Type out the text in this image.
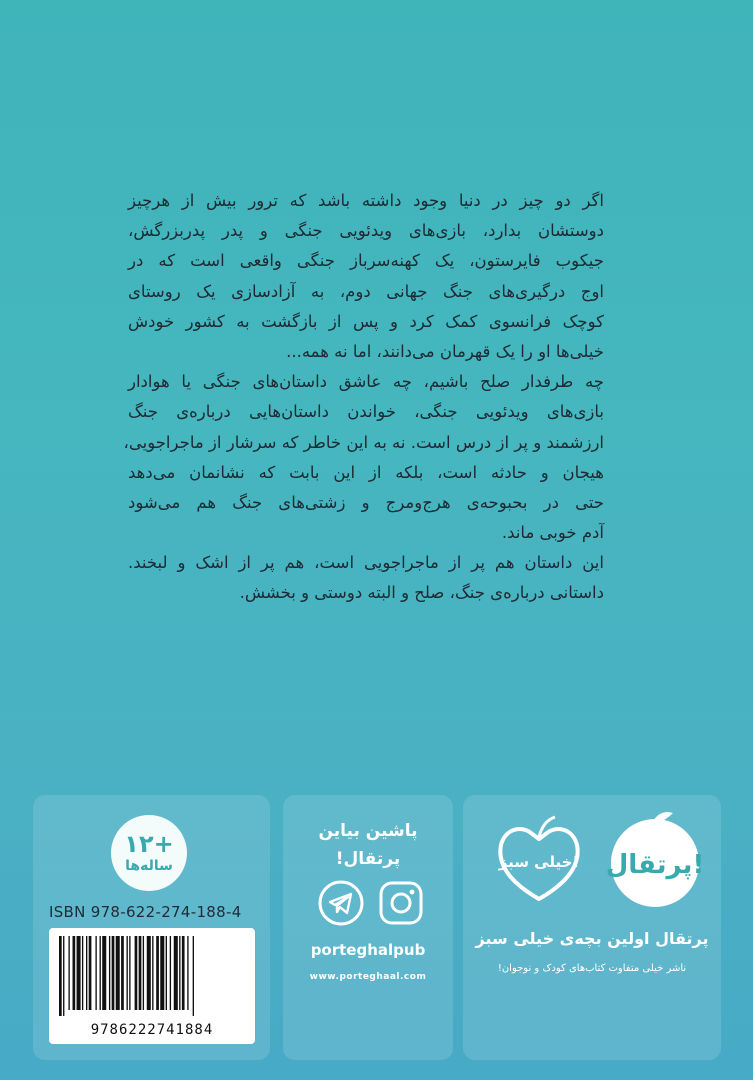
اگر دو چیز در دنیا وجود داشته باشد که ترور بیش از هرچیز
دوستشان بدارد، بازی‌های ویدئویی جنگی و پدر پدربزرگش،
جیکوب فایرستون، یک کهنه‌سرباز جنگی واقعی است که در
اوج درگیری‌های جنگ جهانی دوم، به آزادسازی یک روستای
کوچک فرانسوی کمک کرد و پس از بازگشت به کشور خودش
خیلی‌ها او را یک قهرمان می‌دانند، اما نه همه...
چه طرفدار صلح باشیم، چه عاشق داستان‌های جنگی یا هوادار
بازی‌های ویدئویی جنگی، خواندن داستان‌هایی درباره‌ی جنگ
ارزشمند و پر از درس است. نه به این خاطر که سرشار از ماجراجویی،
هیجان و حادثه است، بلکه از این بابت که نشانمان می‌دهد
حتی در بحبوحه‌ی هرج‌ومرج و زشتی‌های جنگ هم می‌شود
آدم خوبی ماند.
این داستان هم پر از ماجراجویی است، هم پر از اشک و لبخند.
داستانی درباره‌ی جنگ، صلح و البته دوستی و بخشش.
۱۲+
ساله‌ها
ISBN 978-622-274-188-4
9786222741884
پاشین بیاین
پرتقال!
porteghalpub
www.porteghaal.com
پرتقال!
خیلی سبز!
پرتقال اولین بچه‌ی خیلی سبز
ناشر خیلی متفاوت کتاب‌های کودک و نوجوان!
